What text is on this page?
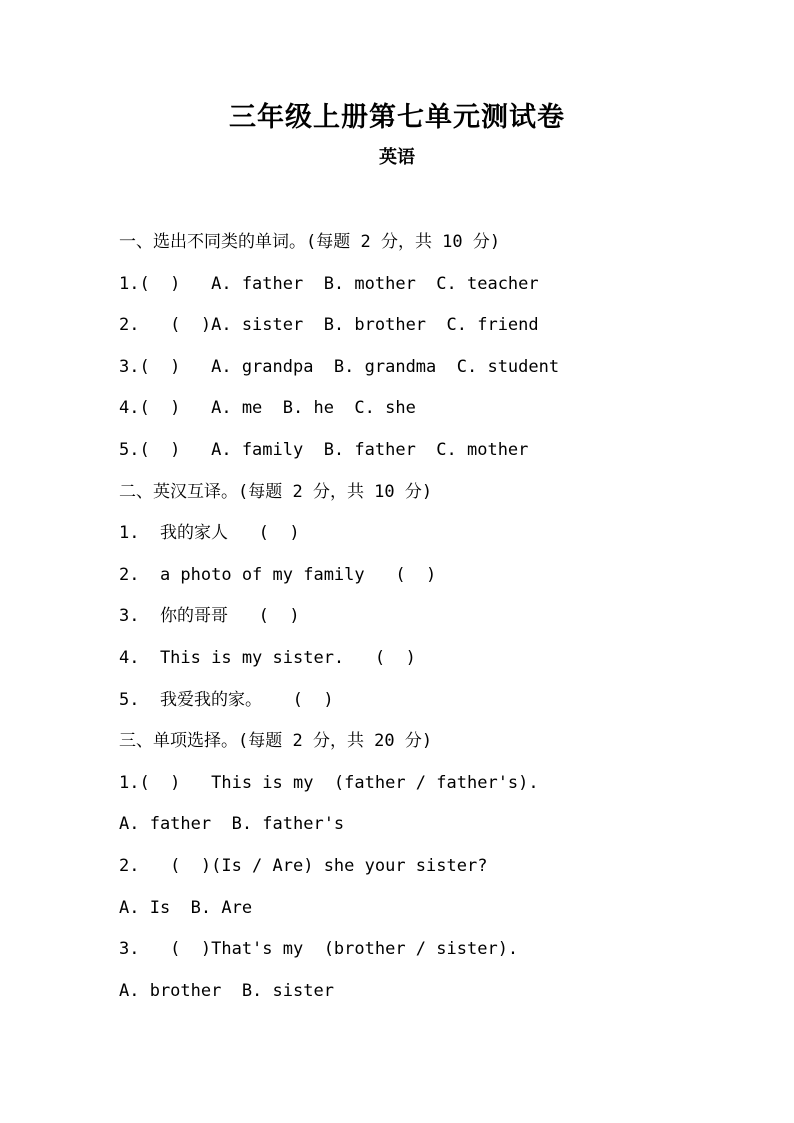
三年级上册第七单元测试卷
英语
一、选出不同类的单词。(每题 2 分，共 10 分)
1.(  )   A. father  B. mother  C. teacher
2.   (  )A. sister  B. brother  C. friend
3.(  )   A. grandpa  B. grandma  C. student
4.(  )   A. me  B. he  C. she
5.(  )   A. family  B. father  C. mother
二、英汉互译。(每题 2 分，共 10 分)
1.  我的家人   (  )
2.  a photo of my family   (  )
3.  你的哥哥   (  )
4.  This is my sister.   (  )
5.  我爱我的家。   (  )
三、单项选择。(每题 2 分，共 20 分)
1.(  )   This is my  (father / father's).
A. father  B. father's
2.   (  )(Is / Are) she your sister?
A. Is  B. Are
3.   (  )That's my  (brother / sister).
A. brother  B. sister
